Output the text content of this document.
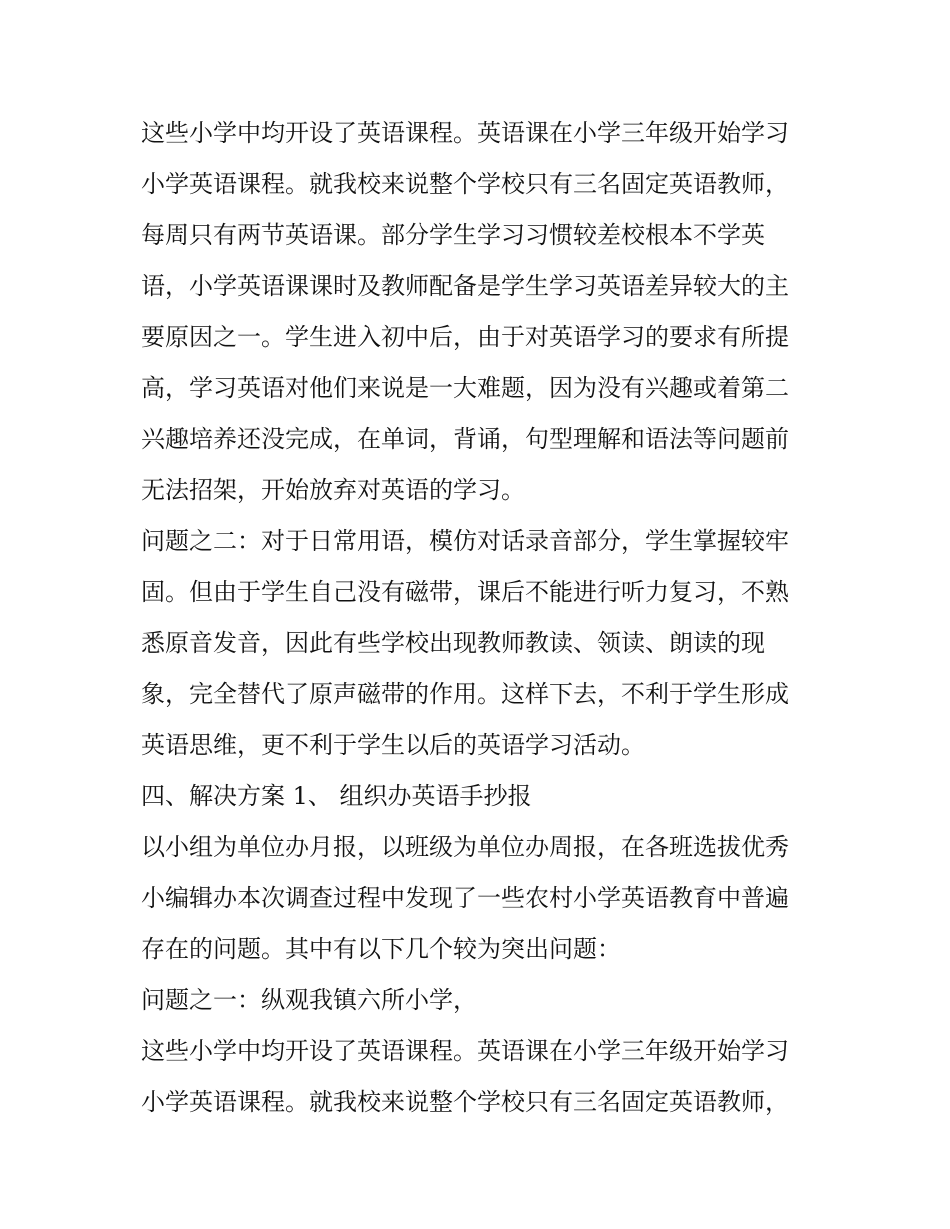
这些小学中均开设了英语课程。英语课在小学三年级开始学习
小学英语课程。就我校来说整个学校只有三名固定英语教师，
每周只有两节英语课。部分学生学习习惯较差校根本不学英
语，小学英语课课时及教师配备是学生学习英语差异较大的主
要原因之一。学生进入初中后，由于对英语学习的要求有所提
高，学习英语对他们来说是一大难题，因为没有兴趣或着第二
兴趣培养还没完成，在单词，背诵，句型理解和语法等问题前
无法招架，开始放弃对英语的学习。
问题之二：对于日常用语，模仿对话录音部分，学生掌握较牢
固。但由于学生自己没有磁带，课后不能进行听力复习，不熟
悉原音发音，因此有些学校出现教师教读、领读、朗读的现
象，完全替代了原声磁带的作用。这样下去，不利于学生形成
英语思维，更不利于学生以后的英语学习活动。
四、解决方案 1、 组织办英语手抄报
以小组为单位办月报，以班级为单位办周报，在各班选拔优秀
小编辑办本次调查过程中发现了一些农村小学英语教育中普遍
存在的问题。其中有以下几个较为突出问题：
问题之一：纵观我镇六所小学，
这些小学中均开设了英语课程。英语课在小学三年级开始学习
小学英语课程。就我校来说整个学校只有三名固定英语教师，
